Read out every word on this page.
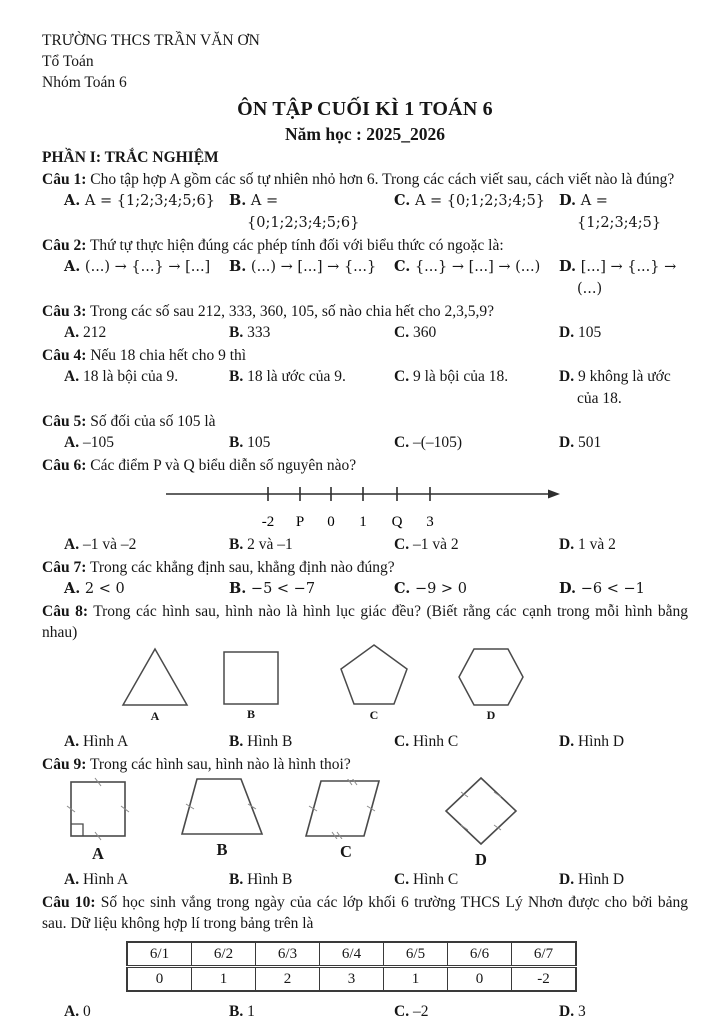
TRƯỜNG THCS TRẦN VĂN ƠN

Tổ Toán

Nhóm Toán 6

ÔN TẬP CUỐI KÌ 1 TOÁN 6
Năm học : 2025_2026
PHẦN I: TRẮC NGHIỆM
Câu 1: Cho tập hợp A gồm các số tự nhiên nhỏ hơn 6. Trong các cách viết sau, cách viết nào là đúng?
A. A = {1;2;3;4;5;6} B. A = {0;1;2;3;4;5;6}
C. A = {0;1;2;3;4;5} D. A = {1;2;3;4;5}
Câu 2: Thứ tự thực hiện đúng các phép tính đối với biểu thức có ngoặc là:
A. (...) → {...} → [...]	B. (...) → [...] → {...}	C. {...} → [...] → (...)	D. [...] → {...} → (...)
Câu 3: Trong các số sau 212, 333, 360, 105, số nào chia hết cho 2,3,5,9?
A. 212	B. 333	C. 360	D. 105
Câu 4: Nếu 18 chia hết cho 9 thì
A. 18 là bội của 9.	B. 18 là ước của 9.	C. 9 là bội của 18.	D. 9 không là ước của 18.
Câu 5: Số đối của số 105 là
A. –105	B. 105	C. –(–105)	D. 501
Câu 6: Các điểm P và Q biểu diễn số nguyên nào?
-2 P 0 1 Q 3
A. –1 và –2	B. 2 và –1	C. –1 và 2	D. 1 và 2
Câu 7: Trong các khẳng định sau, khẳng định nào đúng?
A. 2 < 0	B. −5 < −7	C. −9 > 0	D. −6 < −1
Câu 8: Trong các hình sau, hình nào là hình lục giác đều? (Biết rằng các cạnh trong mỗi hình bằng nhau)
A	B	C	D
A. Hình A	B. Hình B	C. Hình C	D. Hình D
Câu 9: Trong các hình sau, hình nào là hình thoi?
A	B	C	D
A. Hình A	B. Hình B	C. Hình C	D. Hình D
Câu 10: Số học sinh vắng trong ngày của các lớp khối 6 trường THCS Lý Nhơn được cho bởi bảng sau. Dữ liệu không hợp lí trong bảng trên là
6/1	6/2	6/3	6/4	6/5	6/6	6/7
0	1	2	3	1	0	-2
A. 0	B. 1	C. –2	D. 3
